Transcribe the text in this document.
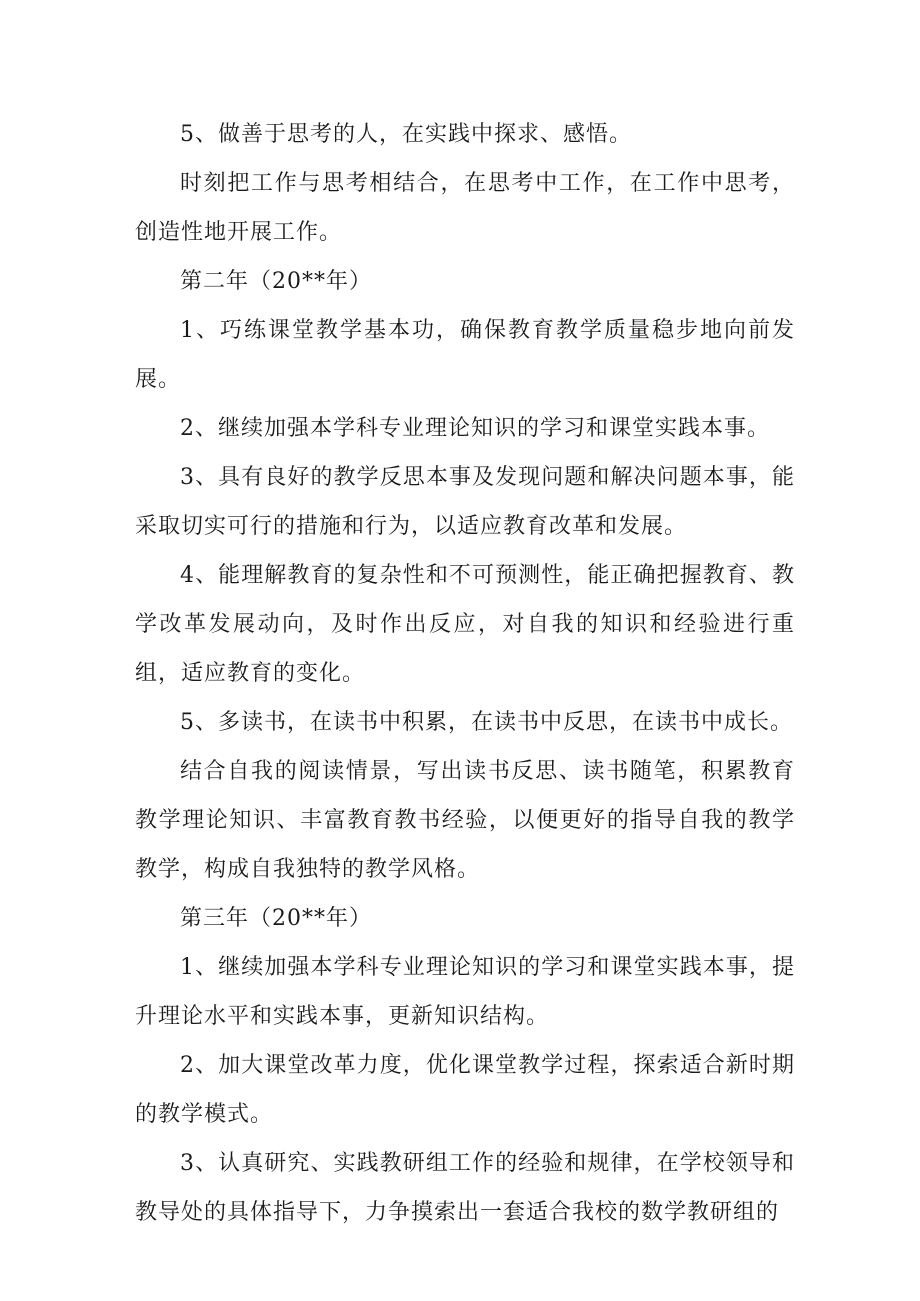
5、做善于思考的人，在实践中探求、感悟。

时刻把工作与思考相结合，在思考中工作，在工作中思考，创造性地开展工作。

第二年（20**年）

1、巧练课堂教学基本功，确保教育教学质量稳步地向前发展。

2、继续加强本学科专业理论知识的学习和课堂实践本事。

3、具有良好的教学反思本事及发现问题和解决问题本事，能采取切实可行的措施和行为，以适应教育改革和发展。

4、能理解教育的复杂性和不可预测性，能正确把握教育、教学改革发展动向，及时作出反应，对自我的知识和经验进行重组，适应教育的变化。

5、多读书，在读书中积累，在读书中反思，在读书中成长。

结合自我的阅读情景，写出读书反思、读书随笔，积累教育教学理论知识、丰富教育教书经验，以便更好的指导自我的教学教学，构成自我独特的教学风格。

第三年（20**年）

1、继续加强本学科专业理论知识的学习和课堂实践本事，提升理论水平和实践本事，更新知识结构。

2、加大课堂改革力度，优化课堂教学过程，探索适合新时期的教学模式。

3、认真研究、实践教研组工作的经验和规律，在学校领导和教导处的具体指导下，力争摸索出一套适合我校的数学教研组的
